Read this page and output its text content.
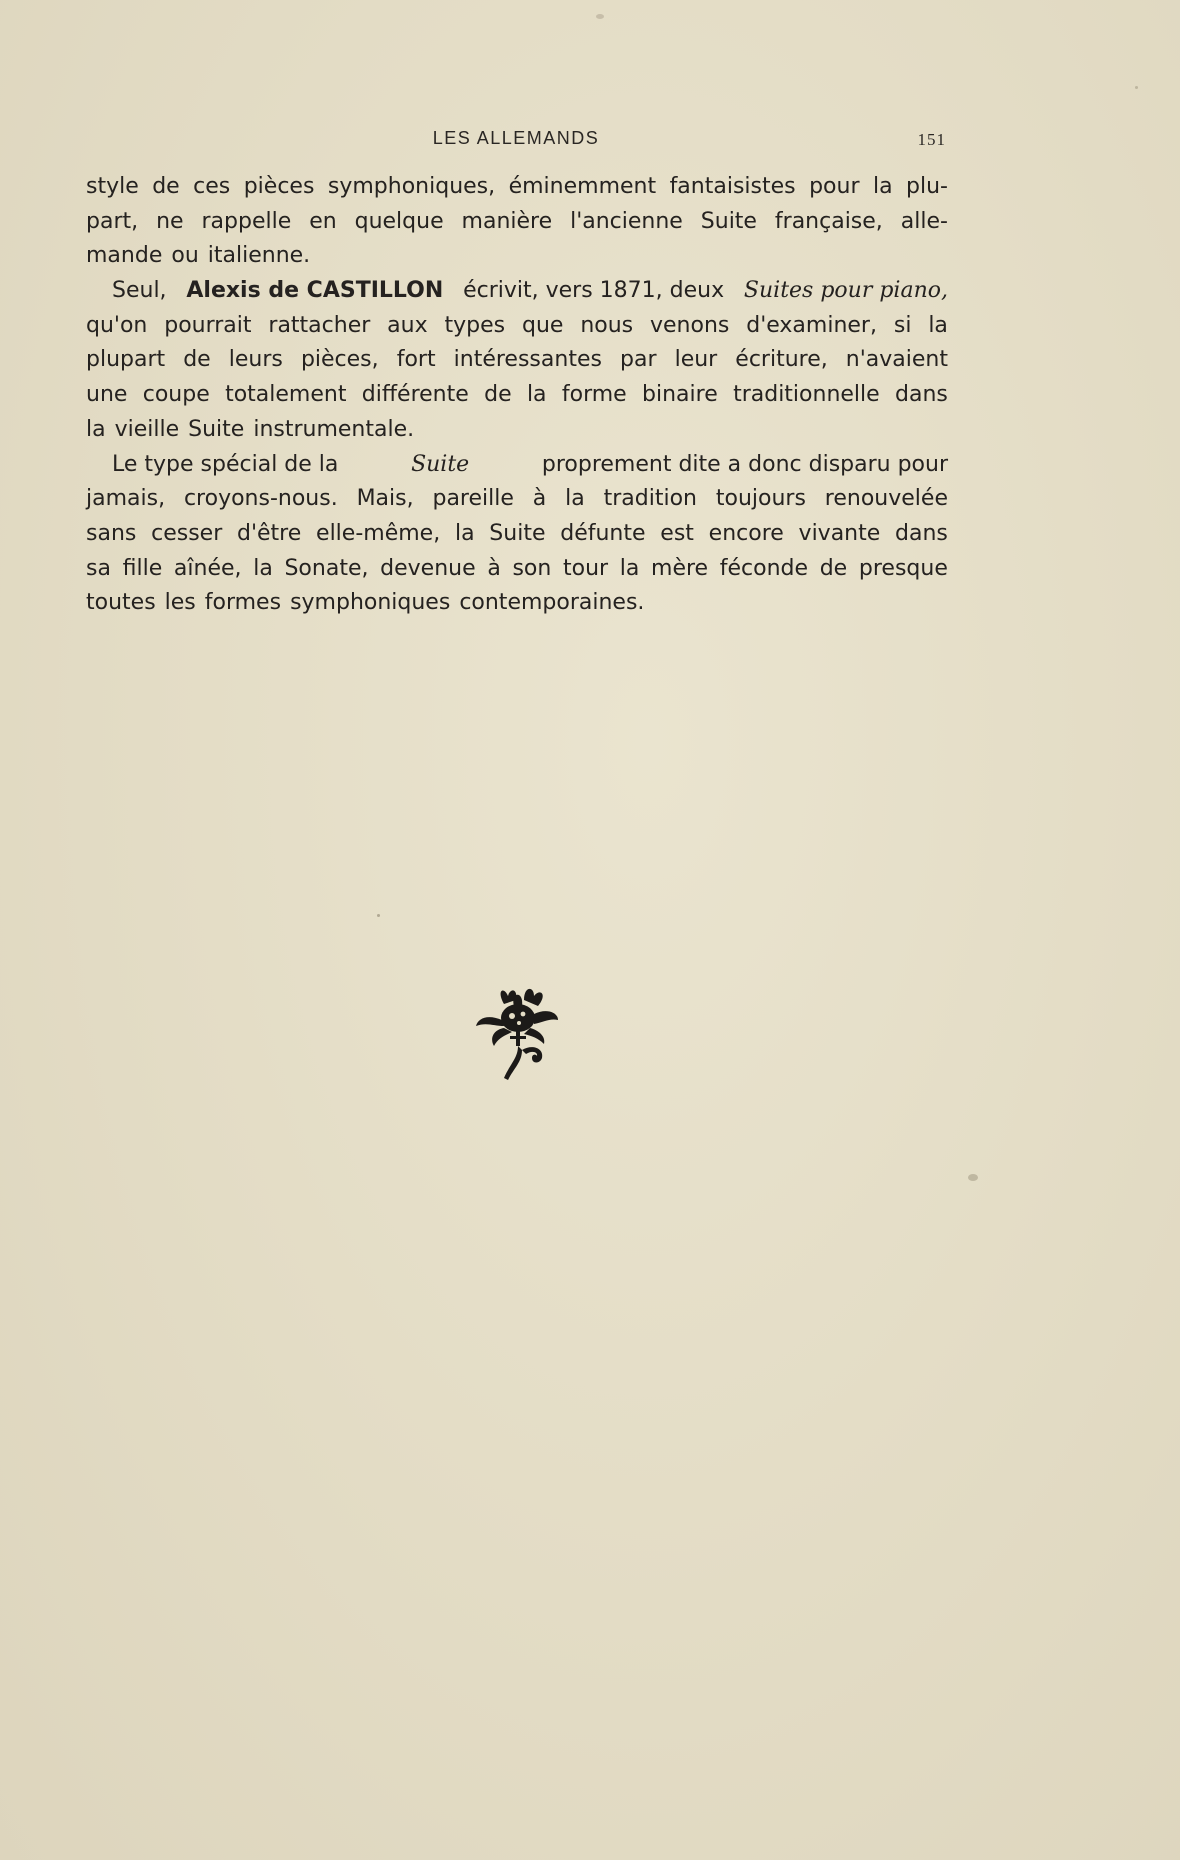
LES ALLEMANDS	151
style de ces pièces symphoniques, éminemment fantaisistes pour la plu-
part, ne rappelle en quelque manière l'ancienne Suite française, alle-
mande ou italienne.
Seul, Alexis de CASTILLON écrivit, vers 1871, deux Suites pour piano,
qu'on pourrait rattacher aux types que nous venons d'examiner, si la
plupart de leurs pièces, fort intéressantes par leur écriture, n'avaient
une coupe totalement différente de la forme binaire traditionnelle dans
la vieille Suite instrumentale.
Le type spécial de la	Suite	proprement dite a donc disparu pour
jamais, croyons-nous. Mais, pareille à la tradition toujours renouvelée
sans cesser d'être elle-même, la Suite défunte est encore vivante dans
sa fille aînée, la Sonate, devenue à son tour la mère féconde de presque
toutes les formes symphoniques contemporaines.
